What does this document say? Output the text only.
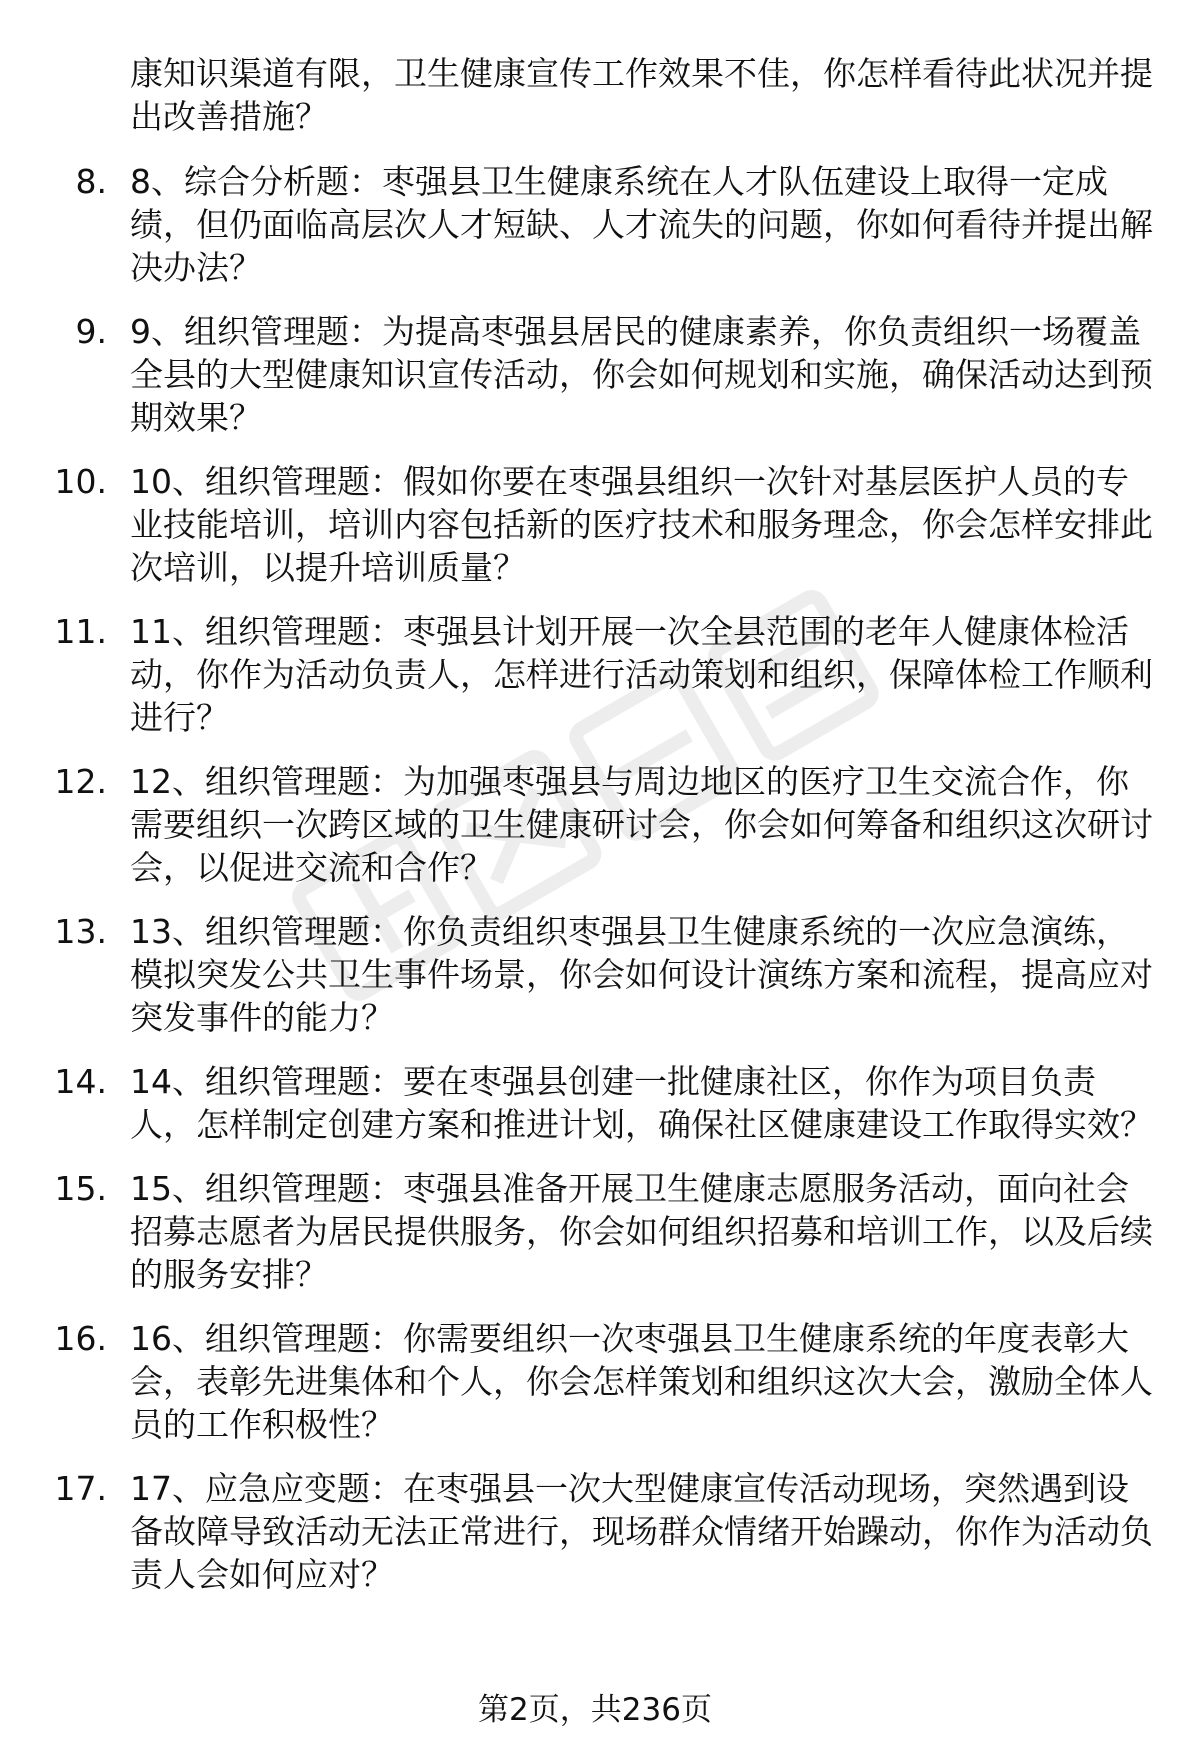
康知识渠道有限，卫生健康宣传工作效果不佳，你怎样看待此状况并提出改善措施？
8. 8、综合分析题：枣强县卫生健康系统在人才队伍建设上取得一定成绩，但仍面临高层次人才短缺、人才流失的问题，你如何看待并提出解决办法？
9. 9、组织管理题：为提高枣强县居民的健康素养，你负责组织一场覆盖全县的大型健康知识宣传活动，你会如何规划和实施，确保活动达到预期效果？
10. 10、组织管理题：假如你要在枣强县组织一次针对基层医护人员的专业技能培训，培训内容包括新的医疗技术和服务理念，你会怎样安排此次培训，以提升培训质量？
11. 11、组织管理题：枣强县计划开展一次全县范围的老年人健康体检活动，你作为活动负责人，怎样进行活动策划和组织，保障体检工作顺利进行？
12. 12、组织管理题：为加强枣强县与周边地区的医疗卫生交流合作，你需要组织一次跨区域的卫生健康研讨会，你会如何筹备和组织这次研讨会，以促进交流和合作？
13. 13、组织管理题：你负责组织枣强县卫生健康系统的一次应急演练，模拟突发公共卫生事件场景，你会如何设计演练方案和流程，提高应对突发事件的能力？
14. 14、组织管理题：要在枣强县创建一批健康社区，你作为项目负责人，怎样制定创建方案和推进计划，确保社区健康建设工作取得实效？
15. 15、组织管理题：枣强县准备开展卫生健康志愿服务活动，面向社会招募志愿者为居民提供服务，你会如何组织招募和培训工作，以及后续的服务安排？
16. 16、组织管理题：你需要组织一次枣强县卫生健康系统的年度表彰大会，表彰先进集体和个人，你会怎样策划和组织这次大会，激励全体人员的工作积极性？
17. 17、应急应变题：在枣强县一次大型健康宣传活动现场，突然遇到设备故障导致活动无法正常进行，现场群众情绪开始躁动，你作为活动负责人会如何应对？
第2页，共236页
